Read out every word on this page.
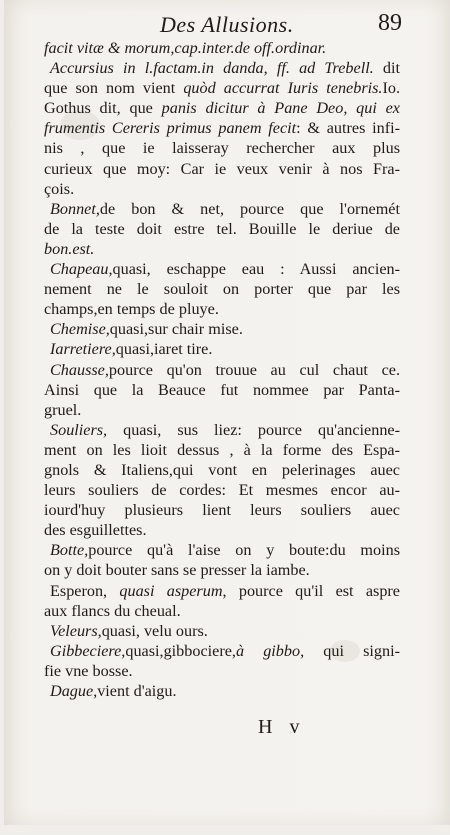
Des Allusions.	89
facit vitæ & morum,cap.inter.de off.ordinar.
Accursius in l.factam.in danda, ff. ad Trebell. dit
que son nom vient quòd accurrat Iuris tenebris.Io.
Gothus dit, que panis dicitur à Pane Deo, qui ex
frumentis Cereris primus panem fecit: & autres infi-
nis , que ie laisseray rechercher aux plus
curieux que moy: Car ie veux venir à nos Fra-
çois.
Bonnet,de bon & net, pource que l'ornemét
de la teste doit estre tel. Bouille le deriue de
bon.est.
Chapeau,quasi, eschappe eau : Aussi ancien-
nement ne le souloit on porter que par les
champs,en temps de pluye.
Chemise,quasi,sur chair mise.
Iarretiere,quasi,iaret tire.
Chausse,pource qu'on trouue au cul chaut ce.
Ainsi que la Beauce fut nommee par Panta-
gruel.
Souliers, quasi, sus liez: pource qu'ancienne-
ment on les lioit dessus , à la forme des Espa-
gnols & Italiens,qui vont en pelerinages auec
leurs souliers de cordes: Et mesmes encor au-
iourd'huy plusieurs lient leurs souliers auec
des esguillettes.
Botte,pource qu'à l'aise on y boute:du moins
on y doit bouter sans se presser la iambe.
Esperon, quasi asperum, pource qu'il est aspre
aux flancs du cheual.
Veleurs,quasi, velu ours.
Gibbeciere,quasi,gibbociere,à gibbo, qui signi-
fie vne bosse.
Dague,vient d'aigu.
H v
